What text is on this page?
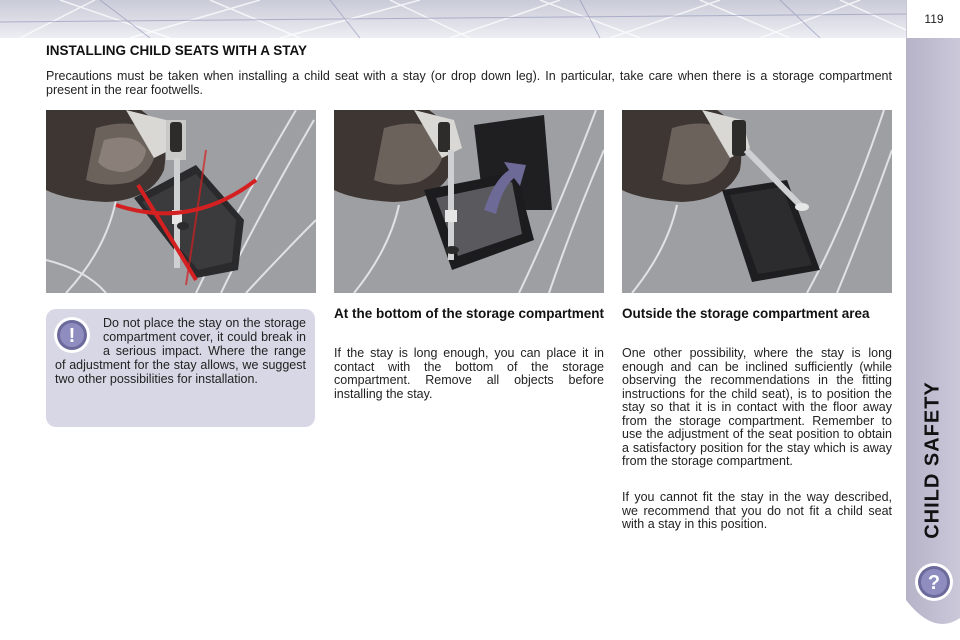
119
CHILD SAFETY
?
INSTALLING CHILD SEATS WITH A STAY

Precautions must be taken when installing a child seat with a stay (or drop down leg). In particular, take care when there is a storage compartment present in the rear footwells.

!

Do not place the stay on the storage compartment cover, it could break in a serious impact. Where the range of adjustment for the stay allows, we suggest two other possibilities for installation.

At the bottom of the storage compartment

If the stay is long enough, you can place it in contact with the bottom of the storage compartment. Remove all objects before installing the stay.

Outside the storage compartment area

One other possibility, where the stay is long enough and can be inclined sufficiently (while observing the recommendations in the fitting instructions for the child seat), is to position the stay so that it is in contact with the floor away from the storage compartment. Remember to use the adjustment of the seat position to obtain a satisfactory position for the stay which is away from the storage compartment.

If you cannot fit the stay in the way described, we recommend that you do not fit a child seat with a stay in this position.
